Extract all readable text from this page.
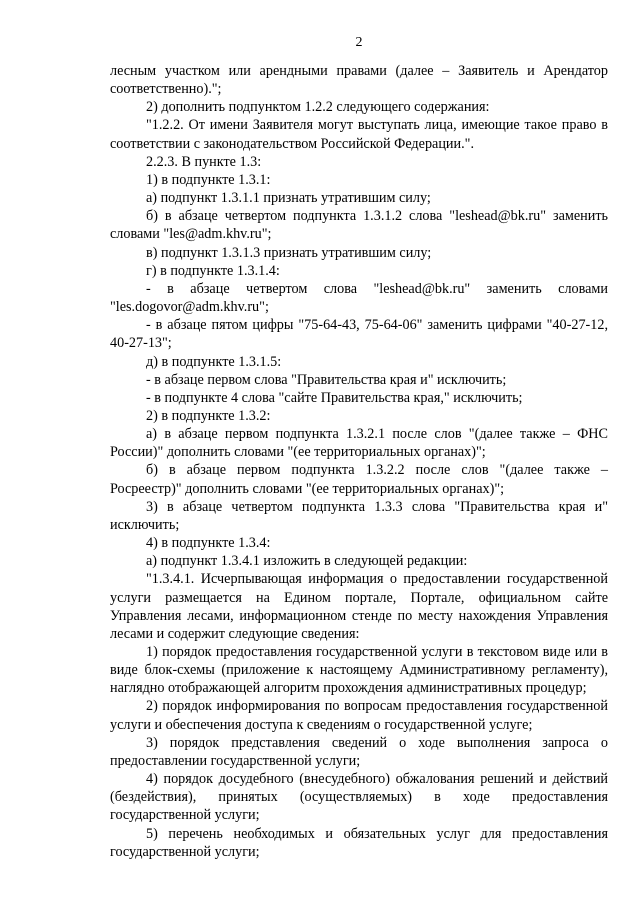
2

лесным участком или арендными правами (далее – Заявитель и Арендатор соответственно).";

2) дополнить подпунктом 1.2.2 следующего содержания:

"1.2.2. От имени Заявителя могут выступать лица, имеющие такое право в соответствии с законодательством Российской Федерации.".

2.2.3. В пункте 1.3:

1) в подпункте 1.3.1:

а) подпункт 1.3.1.1 признать утратившим силу;

б) в абзаце четвертом подпункта 1.3.1.2 слова "leshead@bk.ru" заменить словами "les@adm.khv.ru";

в) подпункт 1.3.1.3 признать утратившим силу;

г) в подпункте 1.3.1.4:

- в абзаце четвертом слова "leshead@bk.ru" заменить словами "les.dogovor@adm.khv.ru";

- в абзаце пятом цифры "75-64-43, 75-64-06" заменить цифрами "40-27-12, 40-27-13";

д) в подпункте 1.3.1.5:

- в абзаце первом слова "Правительства края и" исключить;

- в подпункте 4 слова "сайте Правительства края," исключить;

2) в подпункте 1.3.2:

а) в абзаце первом подпункта 1.3.2.1 после слов "(далее также – ФНС России)" дополнить словами "(ее территориальных органах)";

б) в абзаце первом подпункта 1.3.2.2 после слов "(далее также – Росреестр)" дополнить словами "(ее территориальных органах)";

3) в абзаце четвертом подпункта 1.3.3 слова "Правительства края и" исключить;

4) в подпункте 1.3.4:

а) подпункт 1.3.4.1 изложить в следующей редакции:

"1.3.4.1. Исчерпывающая информация о предоставлении государственной услуги размещается на Едином портале, Портале, официальном сайте Управления лесами, информационном стенде по месту нахождения Управления лесами и содержит следующие сведения:

1) порядок предоставления государственной услуги в текстовом виде или в виде блок-схемы (приложение к настоящему Административному регламенту), наглядно отображающей алгоритм прохождения административных процедур;

2) порядок информирования по вопросам предоставления государственной услуги и обеспечения доступа к сведениям о государственной услуге;

3) порядок представления сведений о ходе выполнения запроса о предоставлении государственной услуги;

4) порядок досудебного (внесудебного) обжалования решений и действий (бездействия), принятых (осуществляемых) в ходе предоставления государственной услуги;

5) перечень необходимых и обязательных услуг для предоставления государственной услуги;
